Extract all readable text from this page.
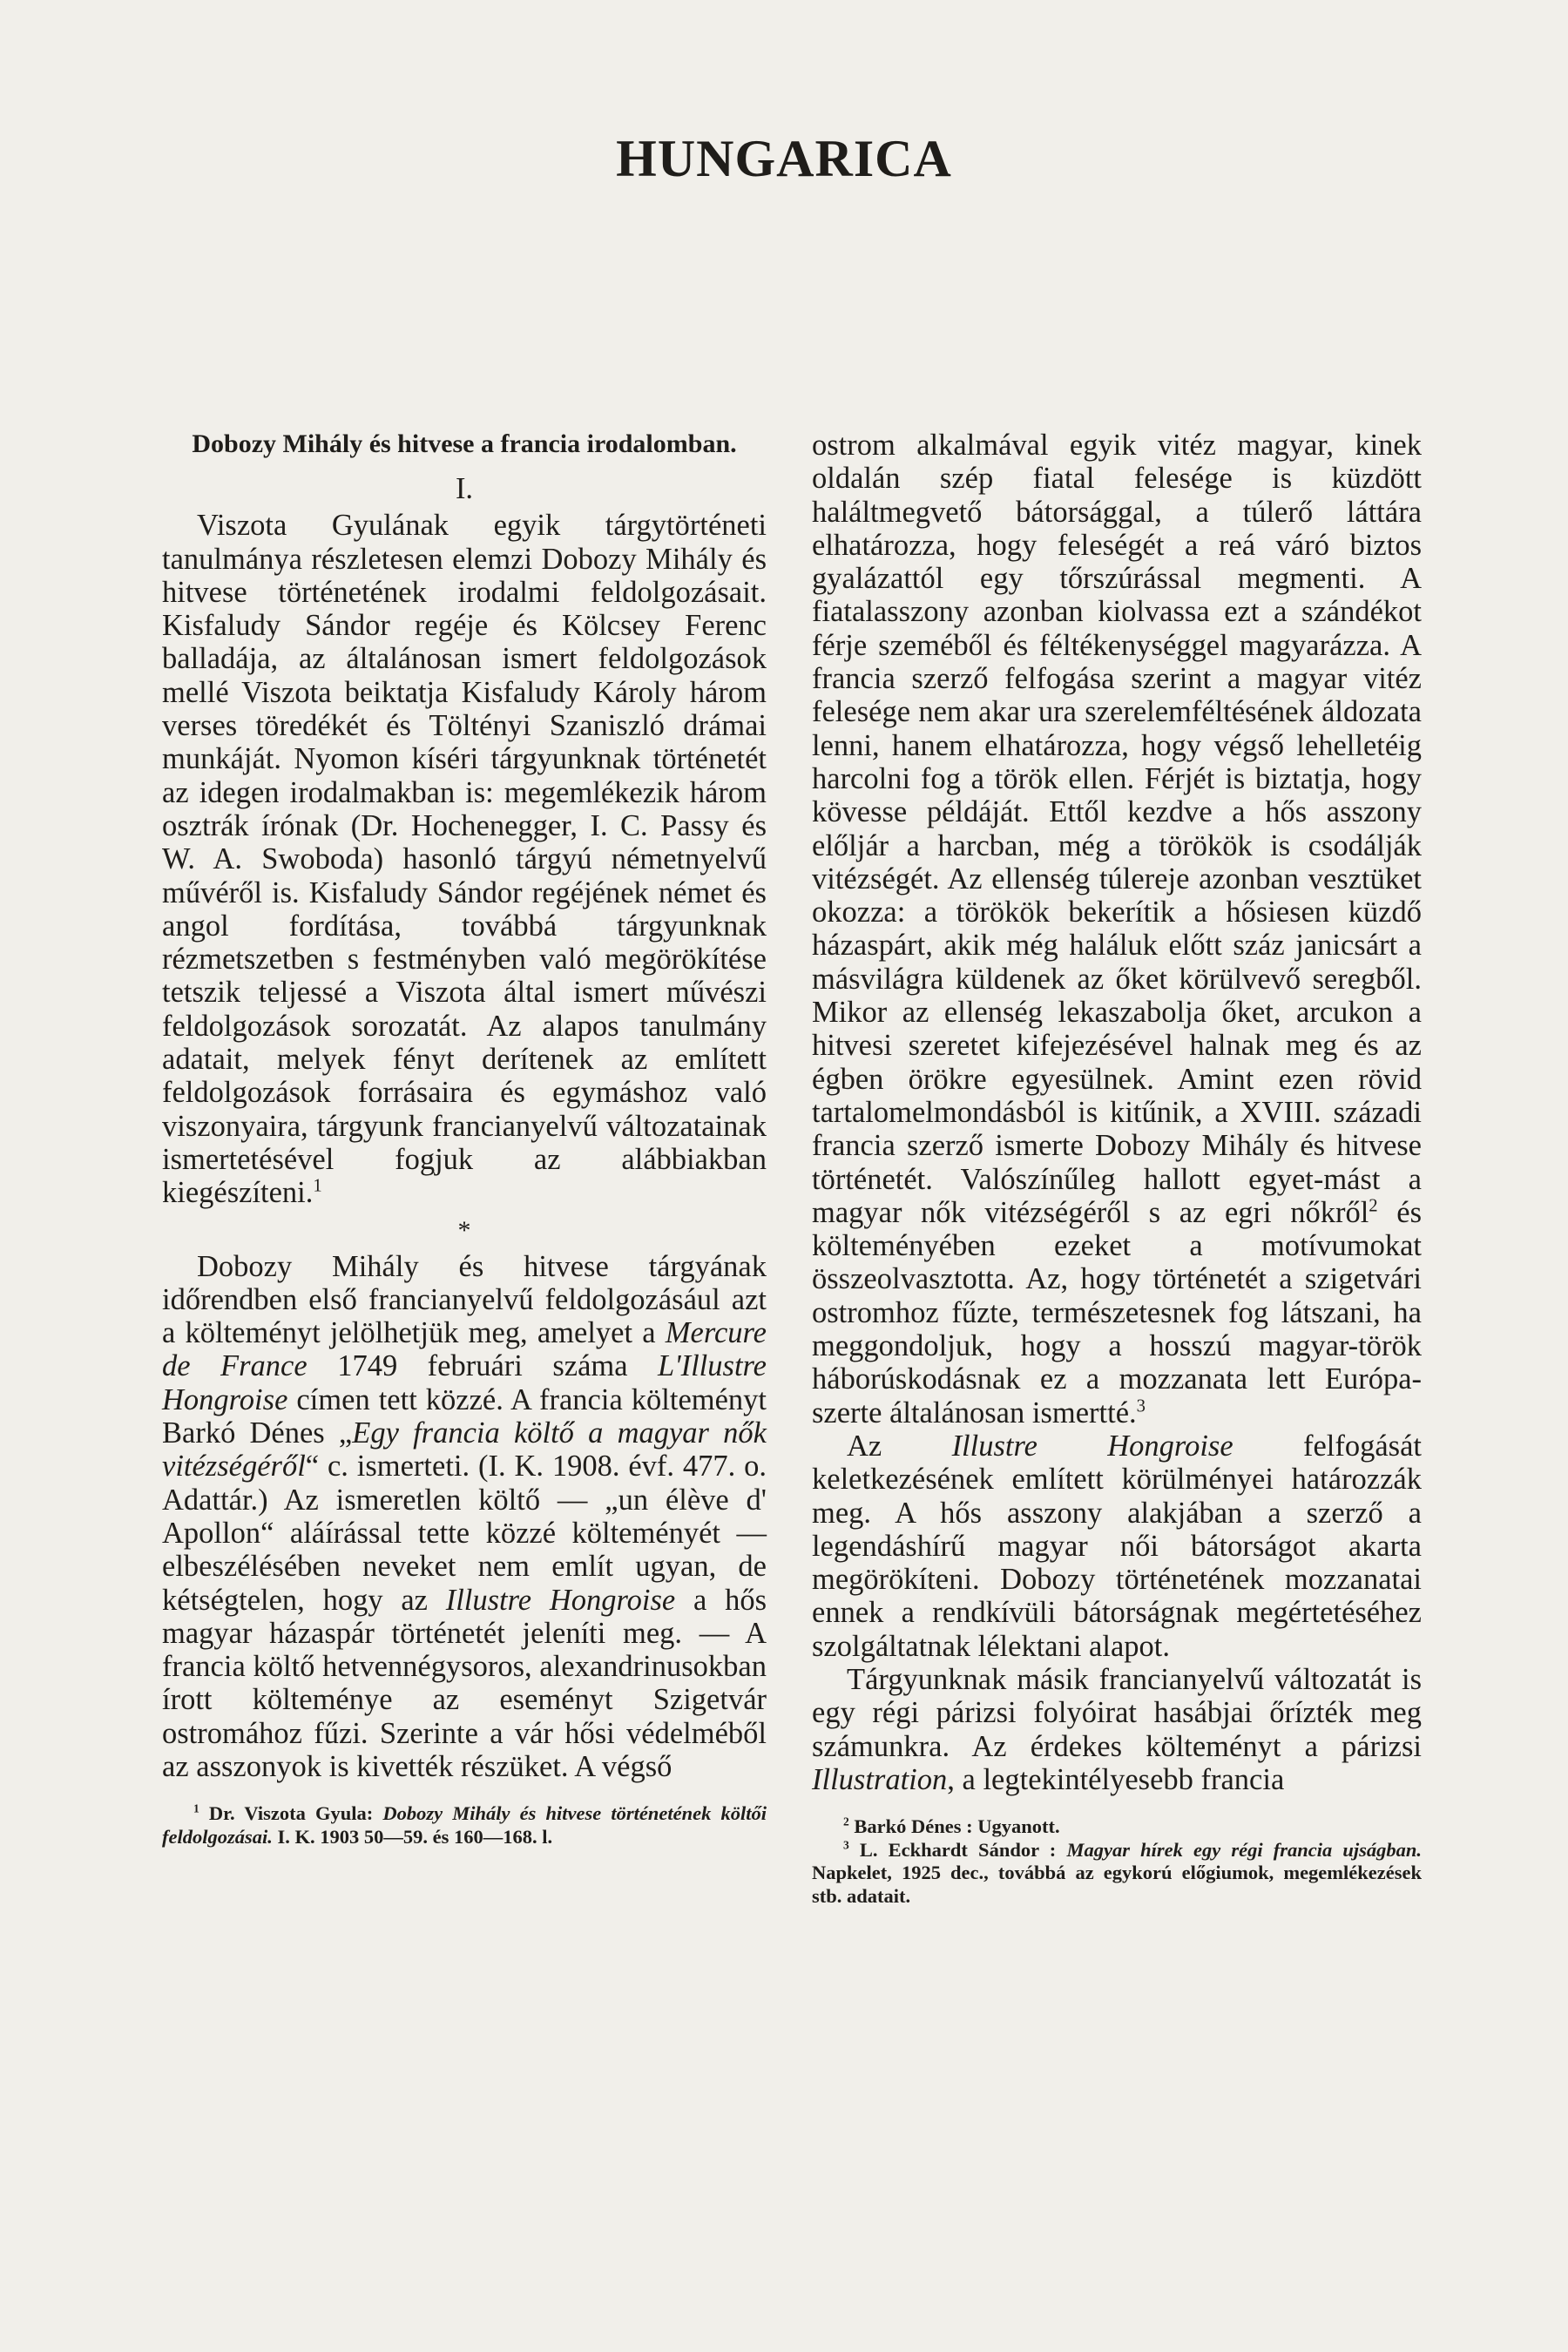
HUNGARICA
Dobozy Mihály és hitvese a francia irodalomban.
I.

Viszota Gyulának egyik tárgytörténeti tanulmánya részletesen elemzi Dobozy Mihály és hitvese történetének irodalmi feldolgozásait. Kisfaludy Sándor regéje és Kölcsey Ferenc balladája, az általánosan ismert feldolgozások mellé Viszota beiktatja Kisfaludy Károly három verses töredékét és Töltényi Szaniszló drámai munkáját. Nyomon kíséri tárgyunknak történetét az idegen irodalmakban is: megemlékezik három osztrák írónak (Dr. Hochenegger, I. C. Passy és W. A. Swoboda) hasonló tárgyú németnyelvű művéről is. Kisfaludy Sándor regéjének német és angol fordítása, továbbá tárgyunknak rézmetszetben s festményben való megörökítése tetszik teljessé a Viszota által ismert művészi feldolgozások sorozatát. Az alapos tanulmány adatait, melyek fényt derítenek az említett feldolgozások forrásaira és egymáshoz való viszonyaira, tárgyunk francianyelvű változatainak ismertetésével fogjuk az alábbiakban kiegészíteni.$^1$

*

Dobozy Mihály és hitvese tárgyának időrendben első francianyelvű feldolgozásául azt a költeményt jelölhetjük meg, amelyet a Mercure de France 1749 februári száma L'Illustre Hongroise címen tett közzé. A francia költeményt Barkó Dénes „Egy francia költő a magyar nők vitézségéről“ c. ismerteti. (I. K. 1908. évf. 477. o. Adattár.) Az ismeretlen költő — „un élève d' Apollon“ aláírással tette közzé költeményét — elbeszélésében neveket nem említ ugyan, de kétségtelen, hogy az Illustre Hongroise a hős magyar házaspár történetét jeleníti meg. — A francia költő hetvennégysoros, alexandrinusokban írott költeménye az eseményt Szigetvár ostromához fűzi. Szerinte a vár hősi védelméből az asszonyok is kivették részüket. A végső

$^1$ Dr. Viszota Gyula: Dobozy Mihály és hitvese történetének költői feldolgozásai. I. K. 1903 50—59. és 160—168. l.

ostrom alkalmával egyik vitéz magyar, kinek oldalán szép fiatal felesége is küzdött haláltmegvető bátorsággal, a túlerő láttára elhatározza, hogy feleségét a reá váró biztos gyalázattól egy tőrszúrással megmenti. A fiatalasszony azonban kiolvassa ezt a szándékot férje szeméből és féltékenységgel magyarázza. A francia szerző felfogása szerint a magyar vitéz felesége nem akar ura szerelemféltésének áldozata lenni, hanem elhatározza, hogy végső lehelletéig harcolni fog a török ellen. Férjét is biztatja, hogy kövesse példáját. Ettől kezdve a hős asszony előljár a harcban, még a törökök is csodálják vitézségét. Az ellenség túlereje azonban vesztüket okozza: a törökök bekerítik a hősiesen küzdő házaspárt, akik még haláluk előtt száz janicsárt a másvilágra küldenek az őket körülvevő seregből. Mikor az ellenség lekaszabolja őket, arcukon a hitvesi szeretet kifejezésével halnak meg és az égben örökre egyesülnek. Amint ezen rövid tartalomelmondásból is kitűnik, a XVIII. századi francia szerző ismerte Dobozy Mihály és hitvese történetét. Valószínűleg hallott egyet-mást a magyar nők vitézségéről s az egri nőkről$^2$ és költeményében ezeket a motívumokat összeolvasztotta. Az, hogy történetét a szigetvári ostromhoz fűzte, természetesnek fog látszani, ha meggondoljuk, hogy a hosszú magyar-török háborúskodásnak ez a mozzanata lett Európa-szerte általánosan ismertté.$^3$

Az Illustre Hongroise felfogását keletkezésének említett körülményei határozzák meg. A hős asszony alakjában a szerző a legendáshírű magyar női bátorságot akarta megörökíteni. Dobozy történetének mozzanatai ennek a rendkívüli bátorságnak megértetéséhez szolgáltatnak lélektani alapot.

Tárgyunknak másik francianyelvű változatát is egy régi párizsi folyóirat hasábjai őrízték meg számunkra. Az érdekes költeményt a párizsi Illustration, a legtekintélyesebb francia

$^2$ Barkó Dénes : Ugyanott.

$^3$ L. Eckhardt Sándor : Magyar hírek egy régi francia ujságban. Napkelet, 1925 dec., továbbá az egykorú előgiumok, megemlékezések stb. adatait.
